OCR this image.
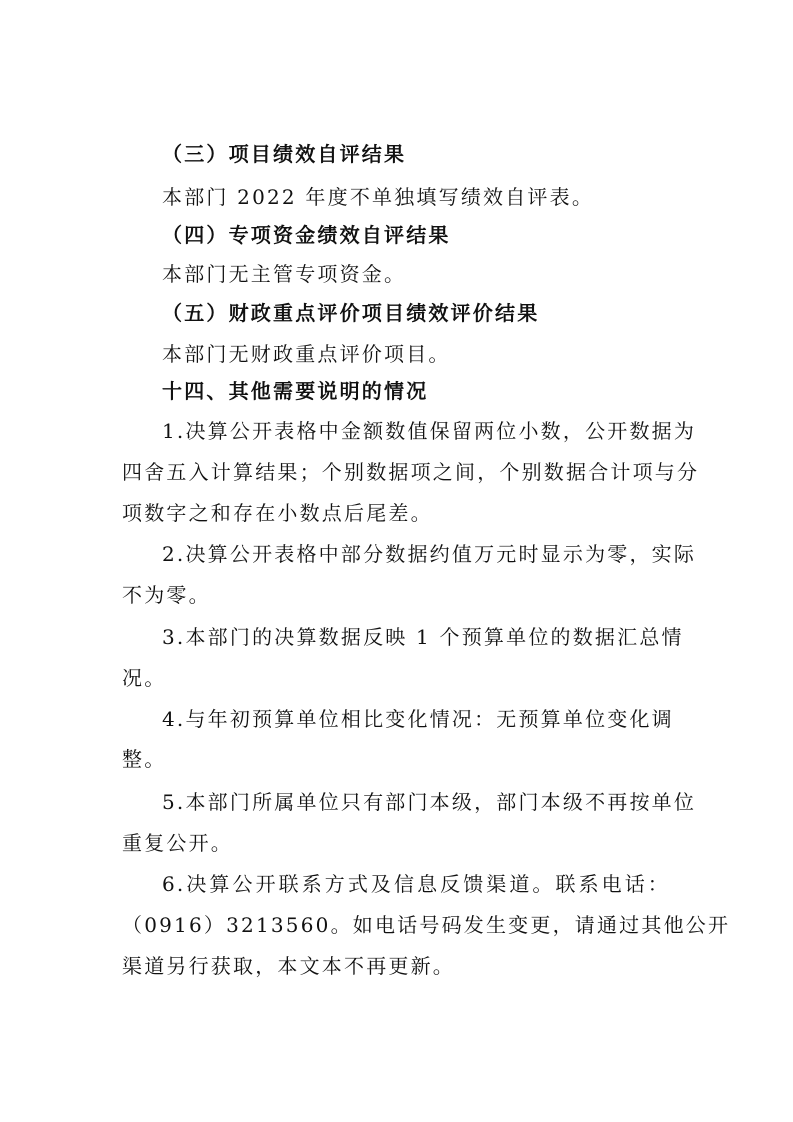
（三）项目绩效自评结果
本部门 2022 年度不单独填写绩效自评表。
（四）专项资金绩效自评结果
本部门无主管专项资金。
（五）财政重点评价项目绩效评价结果
本部门无财政重点评价项目。
十四、其他需要说明的情况
1.决算公开表格中金额数值保留两位小数，公开数据为
四舍五入计算结果；个别数据项之间，个别数据合计项与分
项数字之和存在小数点后尾差。
2.决算公开表格中部分数据约值万元时显示为零，实际
不为零。
3.本部门的决算数据反映 1 个预算单位的数据汇总情
况。
4.与年初预算单位相比变化情况：无预算单位变化调
整。
5.本部门所属单位只有部门本级，部门本级不再按单位
重复公开。
6.决算公开联系方式及信息反馈渠道。联系电话：
（0916）3213560。如电话号码发生变更，请通过其他公开
渠道另行获取，本文本不再更新。
